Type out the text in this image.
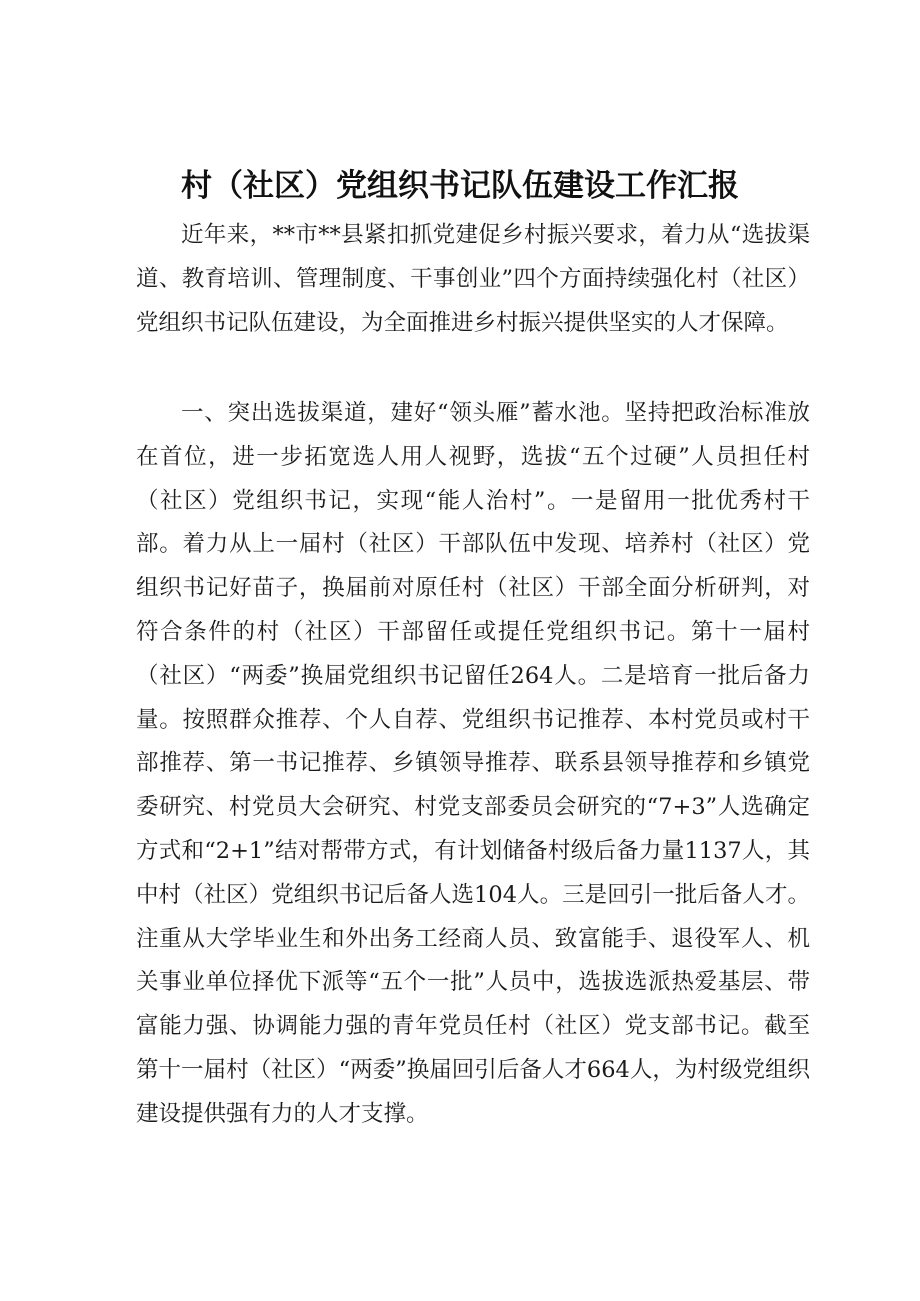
村（社区）党组织书记队伍建设工作汇报

近年来，**市**县紧扣抓党建促乡村振兴要求，着力从“选拔渠道、教育培训、管理制度、干事创业”四个方面持续强化村（社区）党组织书记队伍建设，为全面推进乡村振兴提供坚实的人才保障。

一、突出选拔渠道，建好“领头雁”蓄水池。坚持把政治标准放在首位，进一步拓宽选人用人视野，选拔“五个过硬”人员担任村（社区）党组织书记，实现“能人治村”。一是留用一批优秀村干部。着力从上一届村（社区）干部队伍中发现、培养村（社区）党组织书记好苗子，换届前对原任村（社区）干部全面分析研判，对符合条件的村（社区）干部留任或提任党组织书记。第十一届村（社区）“两委”换届党组织书记留任264人。二是培育一批后备力量。按照群众推荐、个人自荐、党组织书记推荐、本村党员或村干部推荐、第一书记推荐、乡镇领导推荐、联系县领导推荐和乡镇党委研究、村党员大会研究、村党支部委员会研究的“7+3”人选确定方式和“2+1”结对帮带方式，有计划储备村级后备力量1137人，其中村（社区）党组织书记后备人选104人。三是回引一批后备人才。注重从大学毕业生和外出务工经商人员、致富能手、退役军人、机关事业单位择优下派等“五个一批”人员中，选拔选派热爱基层、带富能力强、协调能力强的青年党员任村（社区）党支部书记。截至第十一届村（社区）“两委”换届回引后备人才664人，为村级党组织建设提供强有力的人才支撑。
